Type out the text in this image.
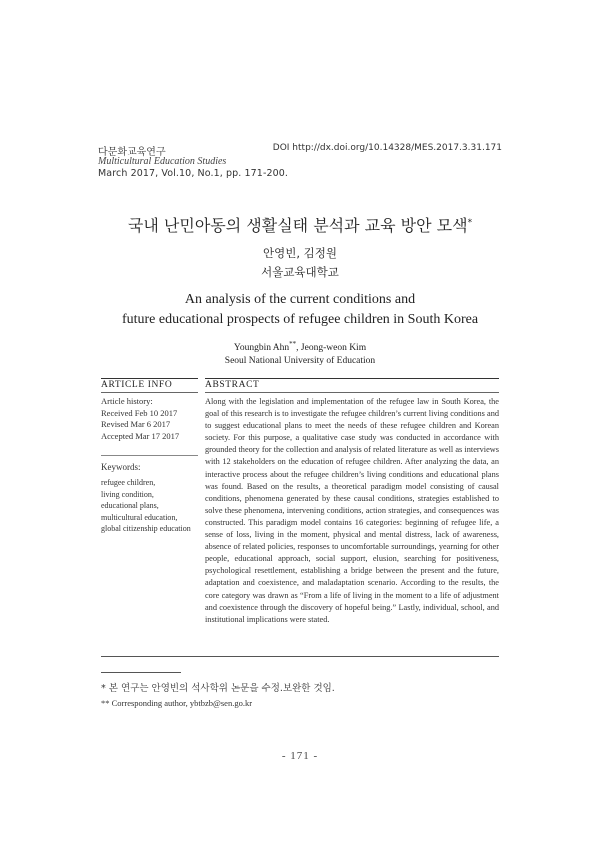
다문화교육연구
Multicultural Education Studies
March 2017, Vol.10, No.1, pp. 171-200.
DOI http://dx.doi.org/10.14328/MES.2017.3.31.171
국내 난민아동의 생활실태 분석과 교육 방안 모색*
안영빈, 김정원
서울교육대학교
An analysis of the current conditions and
future educational prospects of refugee children in South Korea
Youngbin Ahn**, Jeong-weon Kim
Seoul National University of Education
ARTICLE INFO	ABSTRACT
Article history:
Received Feb 10 2017
Revised Mar 6 2017
Accepted Mar 17 2017
Keywords:
refugee children,
living condition,
educational plans,
multicultural education,
global citizenship education
Along with the legislation and implementation of the refugee law in South Korea, the goal of this research is to investigate the refugee children’s current living conditions and to suggest educational plans to meet the needs of these refugee children and Korean society. For this purpose, a qualitative case study was conducted in accordance with grounded theory for the collection and analysis of related literature as well as interviews with 12 stakeholders on the education of refugee children. After analyzing the data, an interactive process about the refugee children’s living conditions and educational plans was found. Based on the results, a theoretical paradigm model consisting of causal conditions, phenomena generated by these causal conditions, strategies established to solve these phenomena, intervening conditions, action strategies, and consequences was constructed. This paradigm model contains 16 categories: beginning of refugee life, a sense of loss, living in the moment, physical and mental distress, lack of awareness, absence of related policies, responses to uncomfortable surroundings, yearning for other people, educational approach, social support, elusion, searching for positiveness, psychological resettlement, establishing a bridge between the present and the future, adaptation and coexistence, and maladaptation scenario. According to the results, the core category was drawn as “From a life of living in the moment to a life of adjustment and coexistence through the discovery of hopeful being.” Lastly, individual, school, and institutional implications were stated.
* 본 연구는 안영빈의 석사학위 논문을 수정.보완한 것임.
** Corresponding author, ybtbzb@sen.go.kr
- 171 -
